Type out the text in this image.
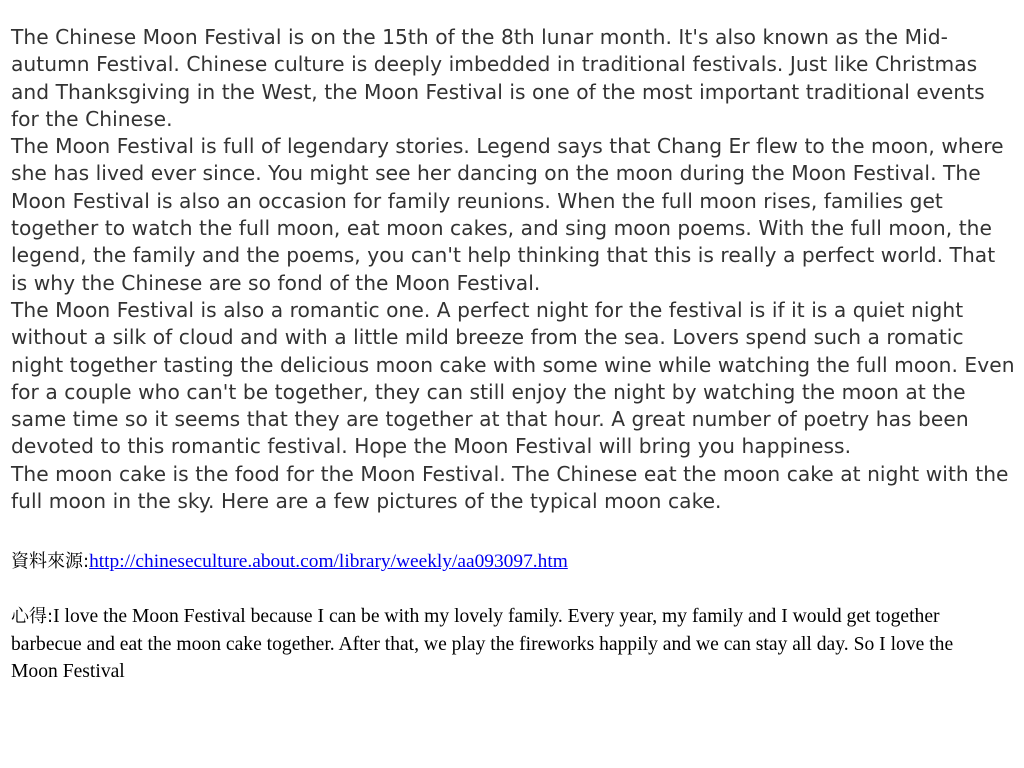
The Chinese Moon Festival is on the 15th of the 8th lunar month. It's also known as the Mid-autumn Festival. Chinese culture is deeply imbedded in traditional festivals. Just like Christmas and Thanksgiving in the West, the Moon Festival is one of the most important traditional events for the Chinese.

The Moon Festival is full of legendary stories. Legend says that Chang Er flew to the moon, where she has lived ever since. You might see her dancing on the moon during the Moon Festival. The Moon Festival is also an occasion for family reunions. When the full moon rises, families get together to watch the full moon, eat moon cakes, and sing moon poems. With the full moon, the legend, the family and the poems, you can't help thinking that this is really a perfect world. That is why the Chinese are so fond of the Moon Festival.

The Moon Festival is also a romantic one. A perfect night for the festival is if it is a quiet night without a silk of cloud and with a little mild breeze from the sea. Lovers spend such a romatic night together tasting the delicious moon cake with some wine while watching the full moon. Even for a couple who can't be together, they can still enjoy the night by watching the moon at the same time so it seems that they are together at that hour. A great number of poetry has been devoted to this romantic festival. Hope the Moon Festival will bring you happiness.

The moon cake is the food for the Moon Festival. The Chinese eat the moon cake at night with the full moon in the sky. Here are a few pictures of the typical moon cake.

資料來源:http://chineseculture.about.com/library/weekly/aa093097.htm
心得:I love the Moon Festival because I can be with my lovely family. Every year, my family and I would get together barbecue and eat the moon cake together. After that, we play the fireworks happily and we can stay all day. So I love the Moon Festival
